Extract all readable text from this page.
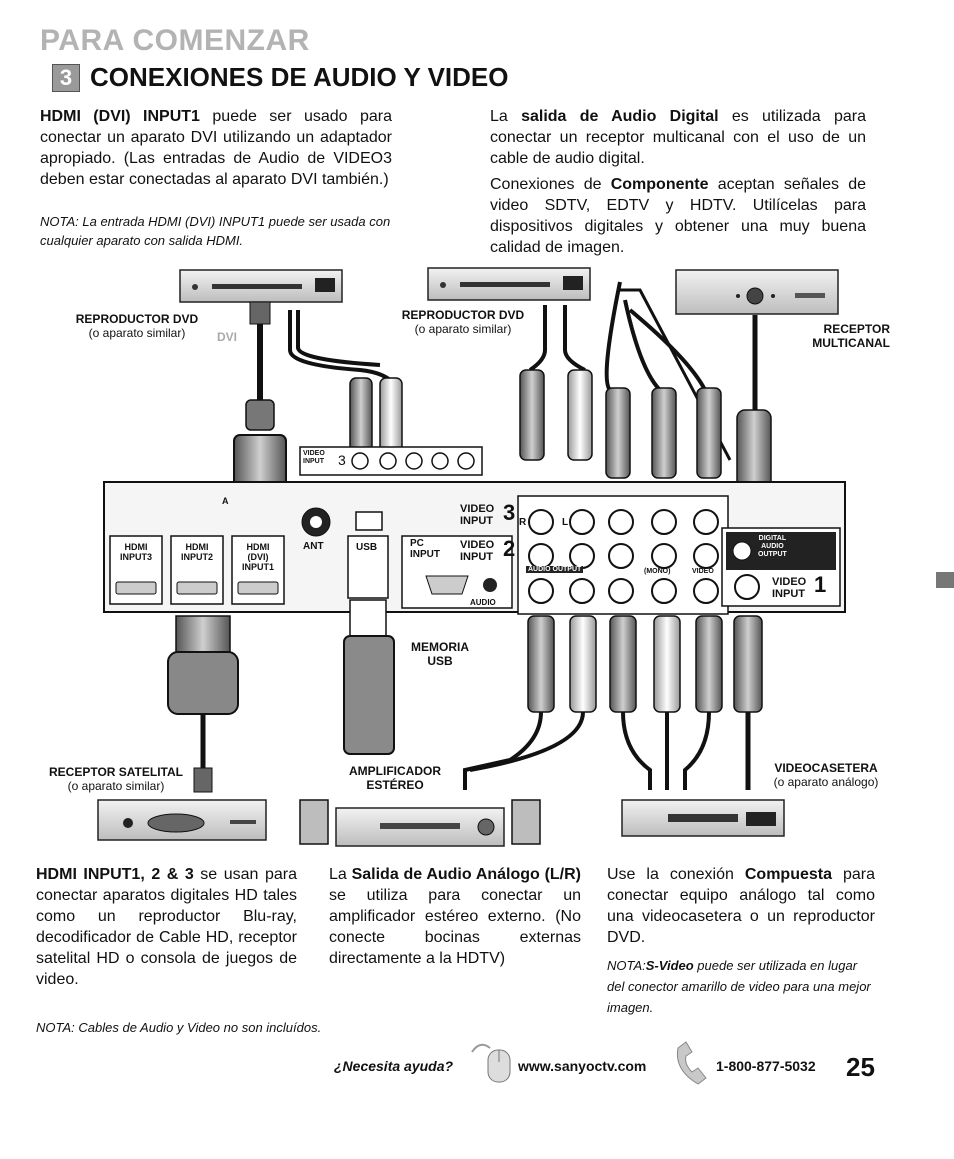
PARA COMENZAR
3 CONEXIONES DE AUDIO Y VIDEO
HDMI (DVI) INPUT1 puede ser usado para conectar un aparato DVI utilizando un adaptador apropiado. (Las entradas de Audio de VIDEO3 deben estar conectadas al aparato DVI también.)
NOTA: La entrada HDMI (DVI) INPUT1 puede ser usada con cualquier aparato con salida HDMI.
La salida de Audio Digital es utilizada para conectar un receptor multicanal con el uso de un cable de audio digital.
Conexiones de Componente aceptan señales de video SDTV, EDTV y HDTV. Utilícelas para dispositivos digitales y obtener una muy buena calidad de imagen.
REPRODUCTOR DVD
(o aparato similar)	DVI
REPRODUCTOR DVD
(o aparato similar)	RECEPTOR
MULTICANAL
MEMORIA
USB
RECEPTOR SATELITAL
(o aparato similar)
AMPLIFICADOR
ESTÉREO
VIDEOCASETERA
(o aparato análogo)
VIDEO
INPUT 3
A
HDMI
INPUT3
HDMI
INPUT2
HDMI
(DVI)
INPUT1
ANT	USB	PC
INPUT
AUDIO
VIDEO
INPUT 3
VIDEO
INPUT 2
R	L
AUDIO OUTPUT	(MONO)	VIDEO
DIGITAL
AUDIO
OUTPUT
VIDEO
INPUT 1
HDMI INPUT1, 2 & 3 se usan para conectar aparatos digitales HD tales como un reproductor Blu-ray, decodificador de Cable HD, receptor satelital HD o consola de juegos de video.
La Salida de Audio Análogo (L/R) se utiliza para conectar un amplificador estéreo externo. (No conecte bocinas externas directamente a la HDTV)
Use la conexión Compuesta para conectar equipo análogo tal como una videocasetera o un reproductor DVD.
NOTA:S-Video puede ser utilizada en lugar del conector amarillo de video para una mejor imagen.
NOTA: Cables de Audio y Video no son incluídos.
¿Necesita ayuda?	www.sanyoctv.com	1-800-877-5032 25
